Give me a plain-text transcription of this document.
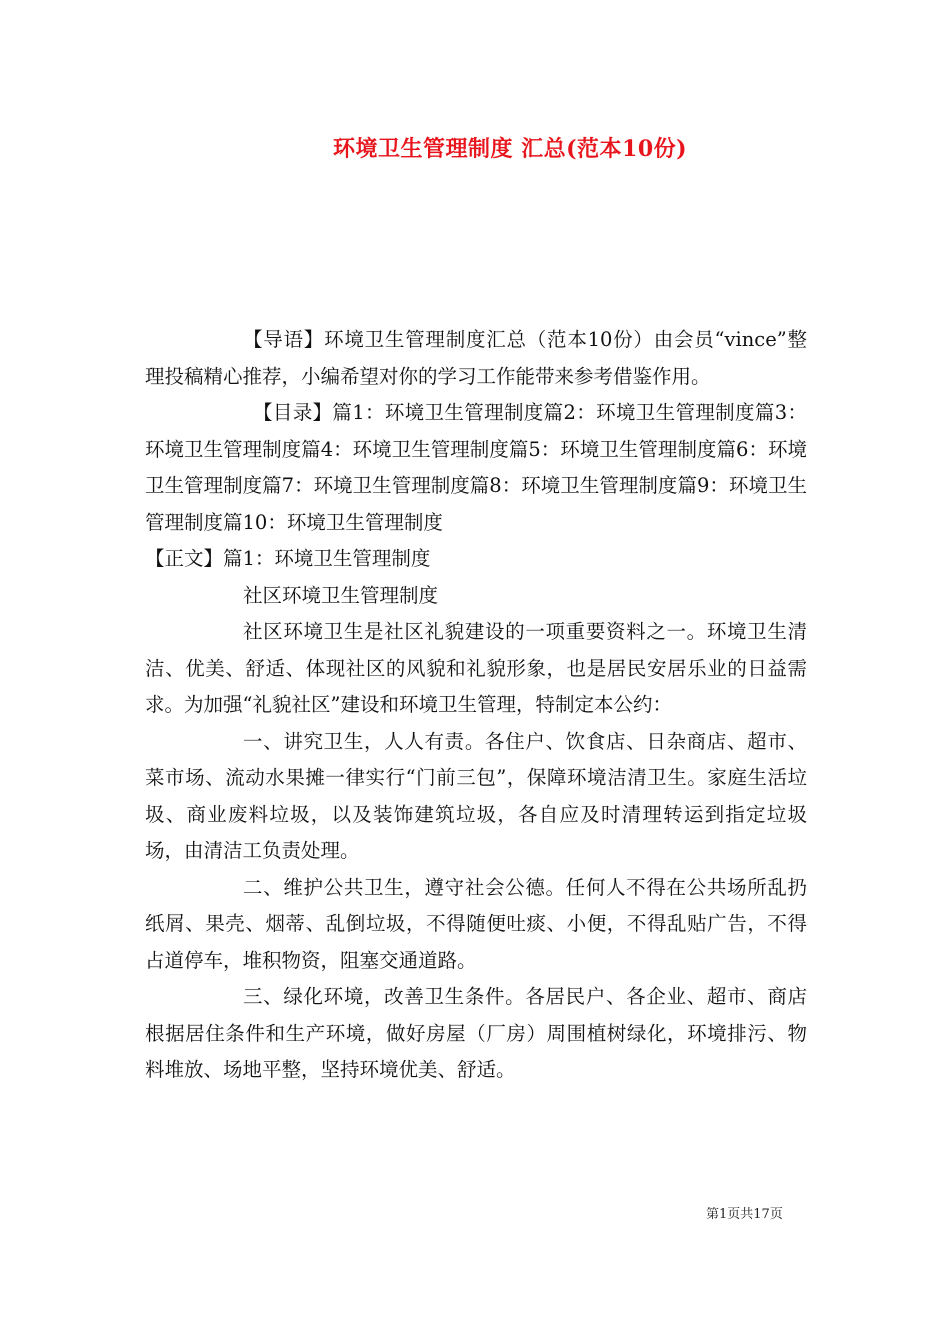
环境卫生管理制度 汇总(范本10份)

【导语】环境卫生管理制度汇总（范本10份）由会员“vince”整理投稿精心推荐，小编希望对你的学习工作能带来参考借鉴作用。

【目录】篇1：环境卫生管理制度篇2：环境卫生管理制度篇3：环境卫生管理制度篇4：环境卫生管理制度篇5：环境卫生管理制度篇6：环境卫生管理制度篇7：环境卫生管理制度篇8：环境卫生管理制度篇9：环境卫生管理制度篇10：环境卫生管理制度

【正文】篇1：环境卫生管理制度

社区环境卫生管理制度

社区环境卫生是社区礼貌建设的一项重要资料之一。环境卫生清洁、优美、舒适、体现社区的风貌和礼貌形象，也是居民安居乐业的日益需求。为加强“礼貌社区”建设和环境卫生管理，特制定本公约：

一、讲究卫生，人人有责。各住户、饮食店、日杂商店、超市、菜市场、流动水果摊一律实行“门前三包”，保障环境洁清卫生。家庭生活垃圾、商业废料垃圾，以及装饰建筑垃圾，各自应及时清理转运到指定垃圾场，由清洁工负责处理。

二、维护公共卫生，遵守社会公德。任何人不得在公共场所乱扔纸屑、果壳、烟蒂、乱倒垃圾，不得随便吐痰、小便，不得乱贴广告，不得占道停车，堆积物资，阻塞交通道路。

三、绿化环境，改善卫生条件。各居民户、各企业、超市、商店根据居住条件和生产环境，做好房屋（厂房）周围植树绿化，环境排污、物料堆放、场地平整，坚持环境优美、舒适。

第1页共17页
